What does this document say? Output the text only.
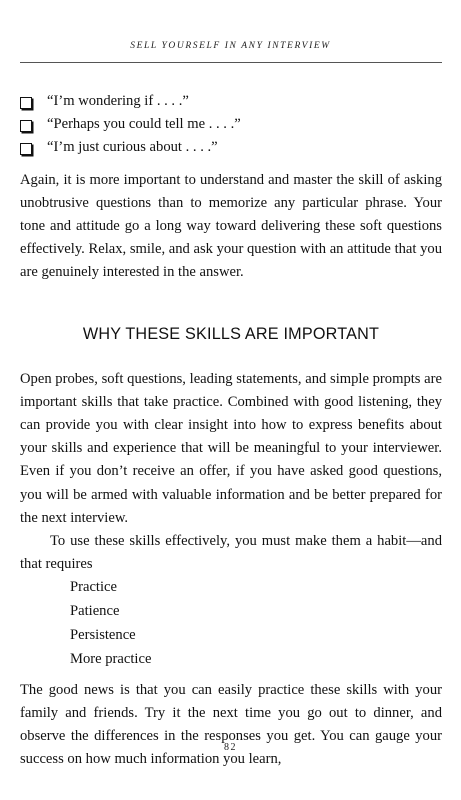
SELL YOURSELF IN ANY INTERVIEW
“I’m wondering if . . . .”
“Perhaps you could tell me . . . .”
“I’m just curious about . . . .”

Again, it is more important to understand and master the skill of asking unobtrusive questions than to memorize any particular phrase. Your tone and attitude go a long way toward delivering these soft questions effectively. Relax, smile, and ask your question with an attitude that you are genuinely interested in the answer.

WHY THESE SKILLS ARE IMPORTANT

Open probes, soft questions, leading statements, and simple prompts are important skills that take practice. Combined with good listening, they can provide you with clear insight into how to express benefits about your skills and experience that will be meaningful to your interviewer. Even if you don’t receive an offer, if you have asked good questions, you will be armed with valuable information and be better prepared for the next interview.

To use these skills effectively, you must make them a habit—and that requires

Practice
Patience
Persistence
More practice

The good news is that you can easily practice these skills with your family and friends. Try it the next time you go out to dinner, and observe the differences in the responses you get. You can gauge your success on how much information you learn,

82
